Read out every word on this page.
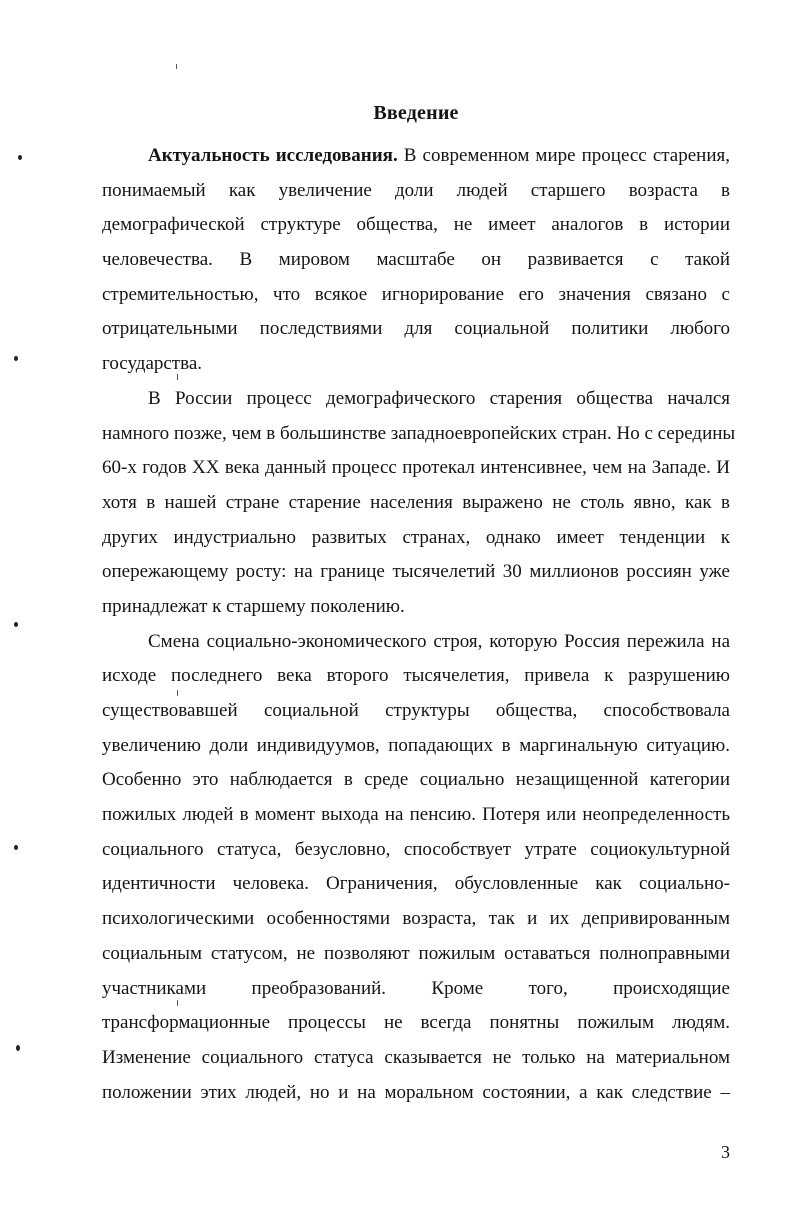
Введение
Актуальность исследования. В современном мире процесс старения,
понимаемый как увеличение доли людей старшего возраста в
демографической структуре общества, не имеет аналогов в истории
человечества. В мировом масштабе он развивается с такой
стремительностью, что всякое игнорирование его значения связано с
отрицательными последствиями для социальной политики любого
государства.
В России процесс демографического старения общества начался
намного позже, чем в большинстве западноевропейских стран. Но с середины
60-х годов XX века данный процесс протекал интенсивнее, чем на Западе. И
хотя в нашей стране старение населения выражено не столь явно, как в
других индустриально развитых странах, однако имеет тенденции к
опережающему росту: на границе тысячелетий 30 миллионов россиян уже
принадлежат к старшему поколению.
Смена социально-экономического строя, которую Россия пережила на
исходе последнего века второго тысячелетия, привела к разрушению
существовавшей социальной структуры общества, способствовала
увеличению доли индивидуумов, попадающих в маргинальную ситуацию.
Особенно это наблюдается в среде социально незащищенной категории
пожилых людей в момент выхода на пенсию. Потеря или неопределенность
социального статуса, безусловно, способствует утрате социокультурной
идентичности человека. Ограничения, обусловленные как социально-
психологическими особенностями возраста, так и их депривированным
социальным статусом, не позволяют пожилым оставаться полноправными
участниками преобразований. Кроме того, происходящие
трансформационные процессы не всегда понятны пожилым людям.
Изменение социального статуса сказывается не только на материальном
положении этих людей, но и на моральном состоянии, а как следствие –
3
